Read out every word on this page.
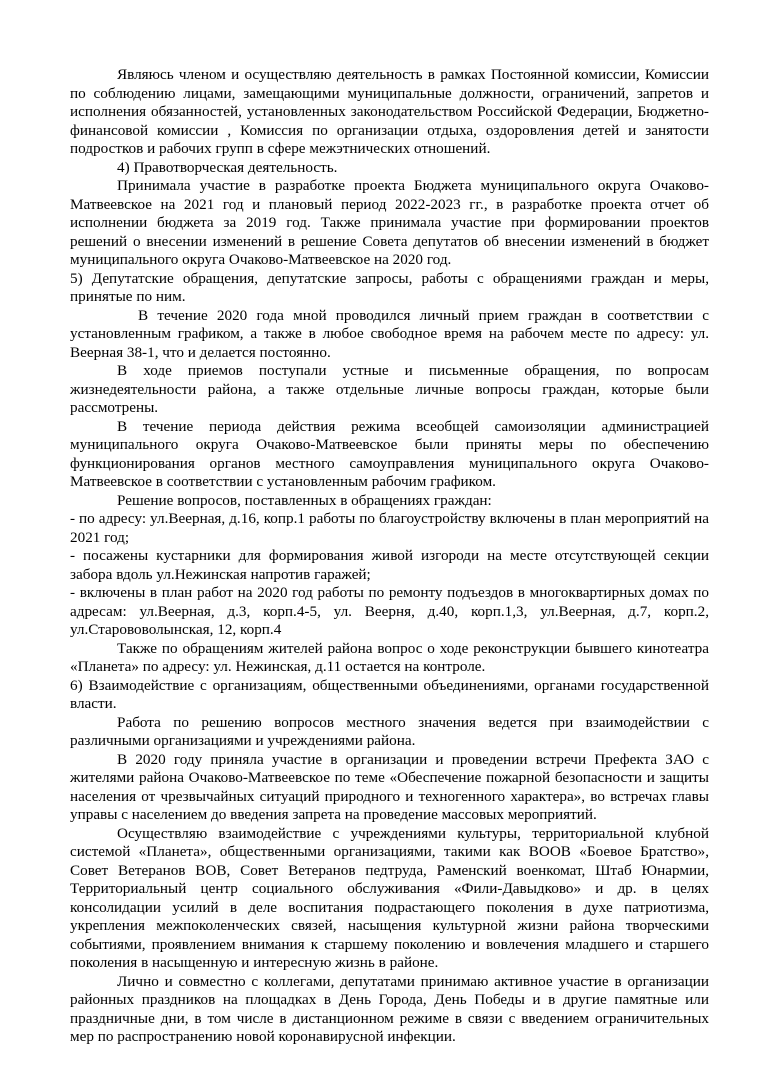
Являюсь членом и осуществляю деятельность в рамках Постоянной комиссии, Комиссии по соблюдению лицами, замещающими муниципальные должности, ограничений, запретов и исполнения обязанностей, установленных законодательством Российской Федерации, Бюджетно-финансовой комиссии , Комиссия по организации отдыха, оздоровления детей и занятости подростков и рабочих групп в сфере межэтнических отношений.

4) Правотворческая деятельность.

Принимала участие в разработке проекта Бюджета муниципального округа Очаково-Матвеевское на 2021 год и плановый период 2022-2023 гг., в разработке проекта отчет об исполнении бюджета за 2019 год. Также принимала участие при формировании проектов решений о внесении изменений в решение Совета депутатов об внесении изменений в бюджет муниципального округа Очаково-Матвеевское на 2020 год.

5) Депутатские обращения, депутатские запросы, работы с обращениями граждан и меры, принятые по ним.

В течение 2020 года мной проводился личный прием граждан в соответствии с установленным графиком, а также в любое свободное время на рабочем месте по адресу: ул. Веерная 38-1, что и делается постоянно.

В ходе приемов поступали устные и письменные обращения, по вопросам жизнедеятельности района, а также отдельные личные вопросы граждан, которые были рассмотрены.

В течение периода действия режима всеобщей самоизоляции администрацией муниципального округа Очаково-Матвеевское были приняты меры по обеспечению функционирования органов местного самоуправления муниципального округа Очаково-Матвеевское в соответствии с установленным рабочим графиком.

Решение вопросов, поставленных в обращениях граждан:

- по адресу: ул.Веерная, д.16, копр.1 работы по благоустройству включены в план мероприятий на 2021 год;

- посажены кустарники для формирования живой изгороди на месте отсутствующей секции забора вдоль ул.Нежинская напротив гаражей;

- включены в план работ на 2020 год работы по ремонту подъездов в многоквартирных домах по адресам: ул.Веерная, д.3, корп.4-5, ул. Веерня, д.40, корп.1,3, ул.Веерная, д.7, корп.2, ул.Старововолынская, 12, корп.4

Также по обращениям жителей района вопрос о ходе реконструкции бывшего кинотеатра «Планета» по адресу: ул. Нежинская, д.11 остается на контроле.

6) Взаимодействие с организациям, общественными объединениями, органами государственной власти.

Работа по решению вопросов местного значения ведется при взаимодействии с различными организациями и учреждениями района.

В 2020 году приняла участие в организации и проведении встречи Префекта ЗАО с жителями района Очаково-Матвеевское по теме «Обеспечение пожарной безопасности и защиты населения от чрезвычайных ситуаций природного и техногенного характера», во встречах главы управы с населением до введения запрета на проведение массовых мероприятий.

Осуществляю взаимодействие с учреждениями культуры, территориальной клубной системой «Планета», общественными организациями, такими как ВООВ «Боевое Братство», Совет Ветеранов ВОВ, Совет Ветеранов педтруда, Раменский военкомат, Штаб Юнармии, Территориальный центр социального обслуживания «Фили-Давыдково» и др. в целях консолидации усилий в деле воспитания подрастающего поколения в духе патриотизма, укрепления межпоколенческих связей, насыщения культурной жизни района творческими событиями, проявлением внимания к старшему поколению и вовлечения младшего и старшего поколения в насыщенную и интересную жизнь в районе.

Лично и совместно с коллегами, депутатами принимаю активное участие в организации районных праздников на площадках в День Города, День Победы и в другие памятные или праздничные дни, в том числе в дистанционном режиме в связи с введением ограничительных мер по распространению новой коронавирусной инфекции.
